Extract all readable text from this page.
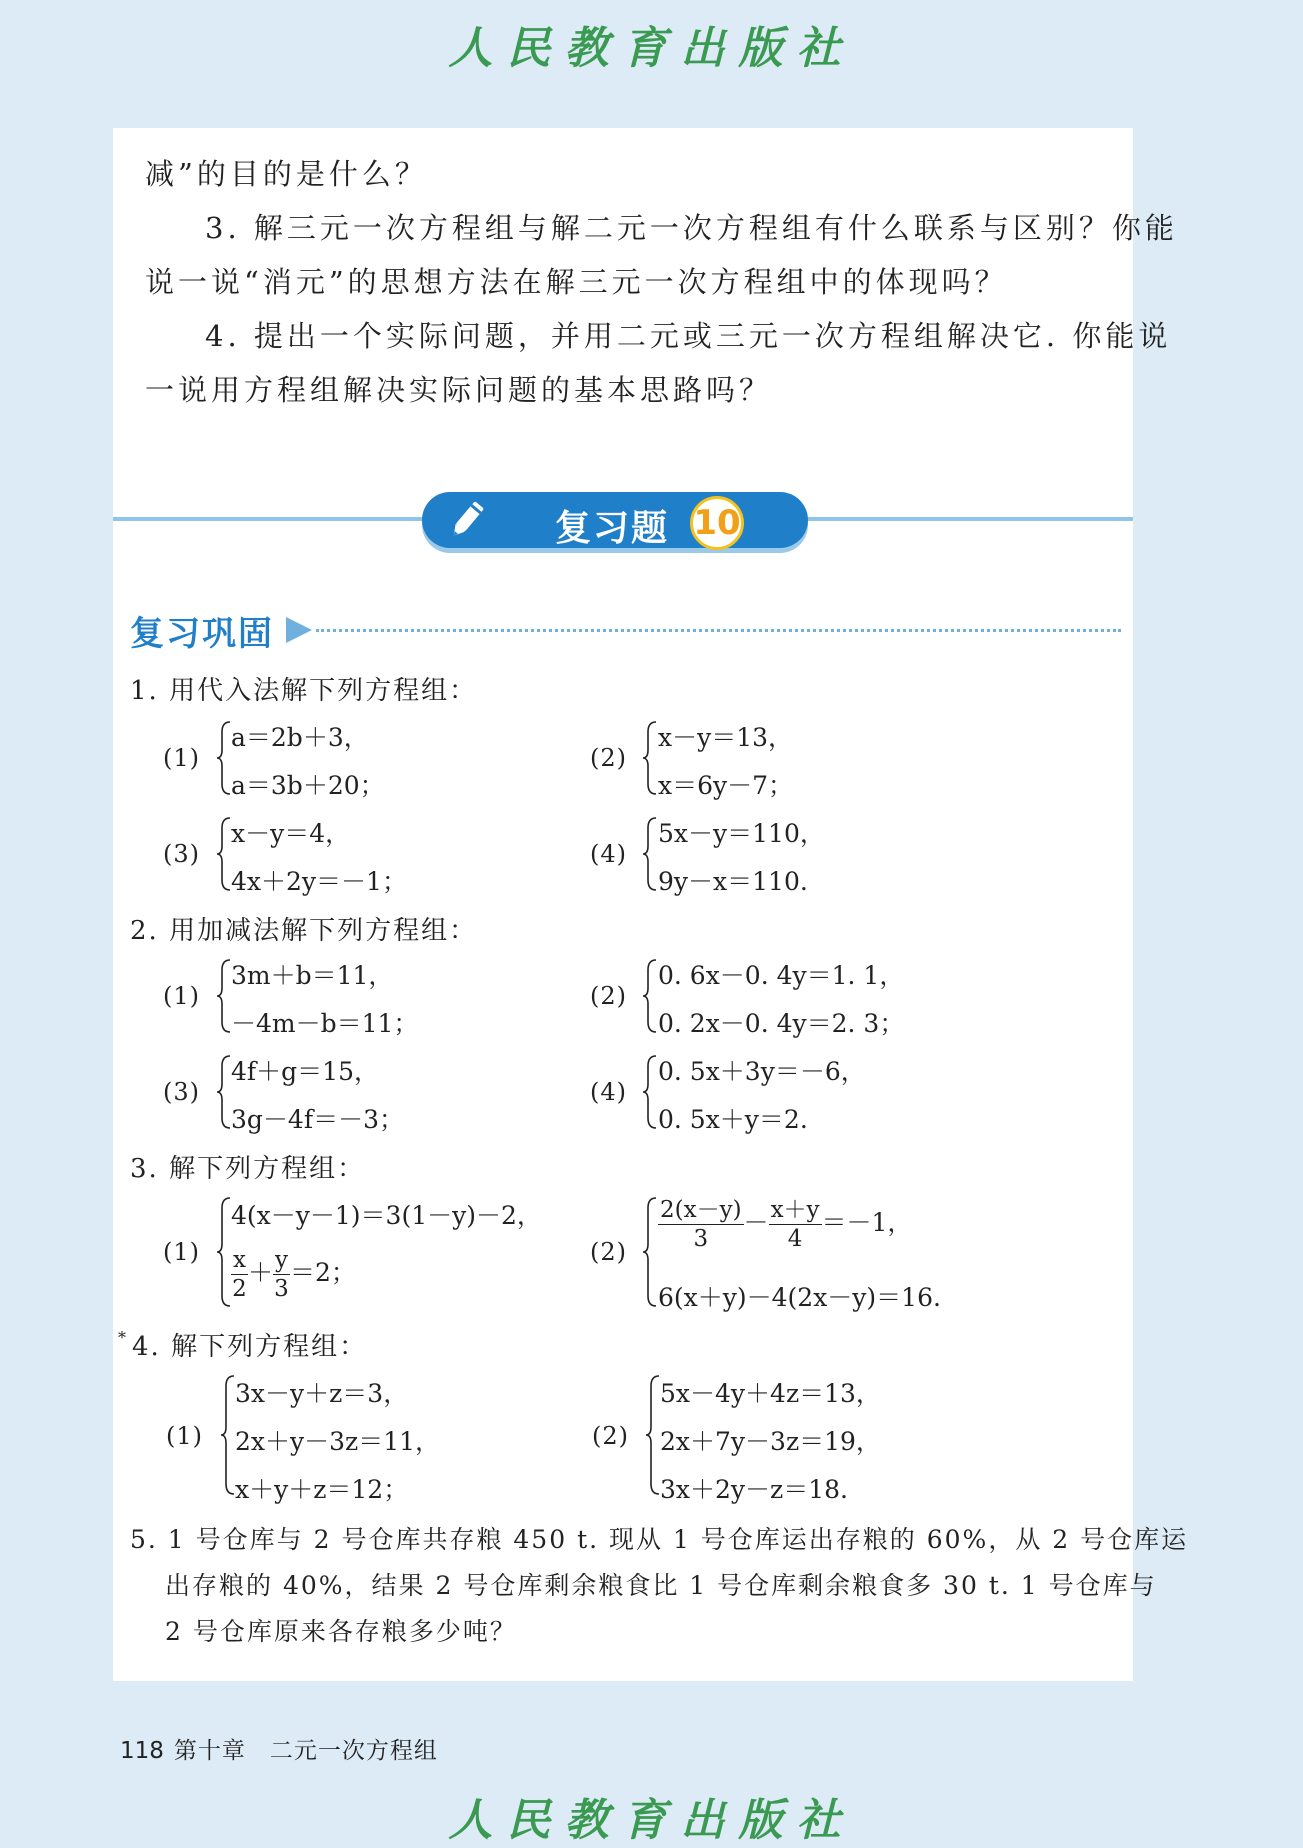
人民教育出版社
减”的目的是什么？
3. 解三元一次方程组与解二元一次方程组有什么联系与区别？你能
说一说“消元”的思想方法在解三元一次方程组中的体现吗？
4. 提出一个实际问题，并用二元或三元一次方程组解决它. 你能说
一说用方程组解决实际问题的基本思路吗？
复习题 10
复习巩固
1. 用代入法解下列方程组：
(1)
a＝2b＋3，
a＝3b＋20；
(2)
x－y＝13，
x＝6y－7；
(3)
x－y＝4，
4x＋2y＝－1；
(4)
5x－y＝110，
9y－x＝110.
2. 用加减法解下列方程组：
(1)
3m＋b＝11，
－4m－b＝11；
(2)
0. 6x－0. 4y＝1. 1，
0. 2x－0. 4y＝2. 3；
(3)
4f＋g＝15，
3g－4f＝－3；
(4)
0. 5x＋3y＝－6，
0. 5x＋y＝2.
3. 解下列方程组：
(1)
4(x－y－1)＝3(1－y)－2，
$\frac{x}{2} + \frac{y}{3} =2$；
$(2) \frac{2(x-y)}{3} - \frac{x+y}{4} =-1$，
6(x＋y)－4(2x－y)＝16.
* 4. 解下列方程组：
(1)
3x－y＋z＝3，
2x＋y－3z＝11，
x＋y＋z＝12；
(2)
5x－4y＋4z＝13，
2x＋7y－3z＝19，
3x＋2y－z＝18.
5. 1 号仓库与 2 号仓库共存粮 450 t. 现从 1 号仓库运出存粮的 60%，从 2 号仓库运
出存粮的 40%，结果 2 号仓库剩余粮食比 1 号仓库剩余粮食多 30 t. 1 号仓库与
2 号仓库原来各存粮多少吨？
118 第十章　二元一次方程组
人民教育出版社
